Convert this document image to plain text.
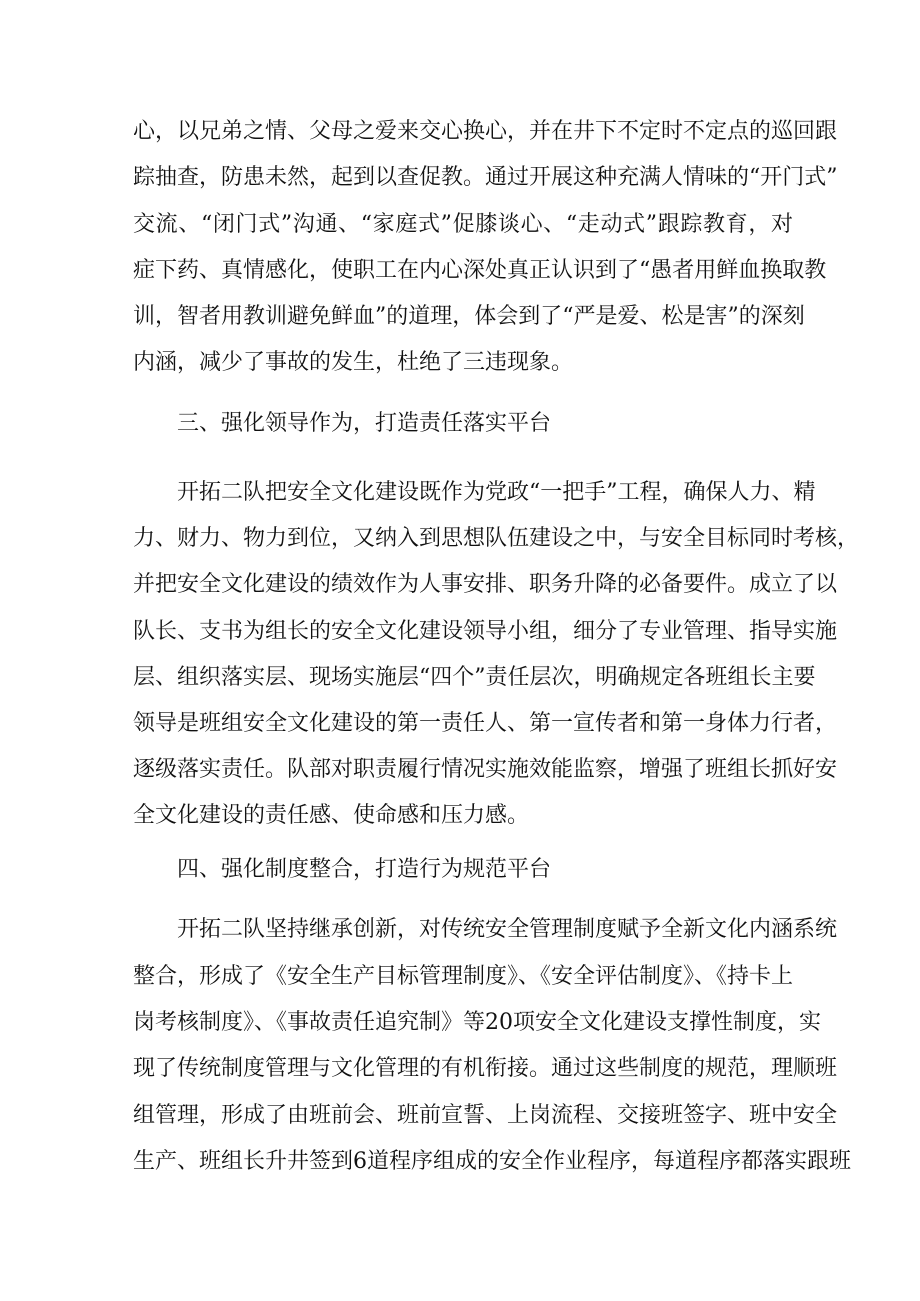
心，以兄弟之情、父母之爱来交心换心，并在井下不定时不定点的巡回跟
踪抽查，防患未然，起到以查促教。通过开展这种充满人情味的“开门式”
交流、“闭门式”沟通、“家庭式”促膝谈心、“走动式”跟踪教育，对
症下药、真情感化，使职工在内心深处真正认识到了“愚者用鲜血换取教
训，智者用教训避免鲜血”的道理，体会到了“严是爱、松是害”的深刻
内涵，减少了事故的发生，杜绝了三违现象。
三、强化领导作为，打造责任落实平台
开拓二队把安全文化建设既作为党政“一把手”工程，确保人力、精
力、财力、物力到位，又纳入到思想队伍建设之中，与安全目标同时考核，
并把安全文化建设的绩效作为人事安排、职务升降的必备要件。成立了以
队长、支书为组长的安全文化建设领导小组，细分了专业管理、指导实施
层、组织落实层、现场实施层“四个”责任层次，明确规定各班组长主要
领导是班组安全文化建设的第一责任人、第一宣传者和第一身体力行者，
逐级落实责任。队部对职责履行情况实施效能监察，增强了班组长抓好安
全文化建设的责任感、使命感和压力感。
四、强化制度整合，打造行为规范平台
开拓二队坚持继承创新，对传统安全管理制度赋予全新文化内涵系统
整合，形成了《安全生产目标管理制度》、《安全评估制度》、《持卡上
岗考核制度》、《事故责任追究制》等20项安全文化建设支撑性制度，实
现了传统制度管理与文化管理的有机衔接。通过这些制度的规范，理顺班
组管理，形成了由班前会、班前宣誓、上岗流程、交接班签字、班中安全
生产、班组长升井签到6道程序组成的安全作业程序，每道程序都落实跟班
